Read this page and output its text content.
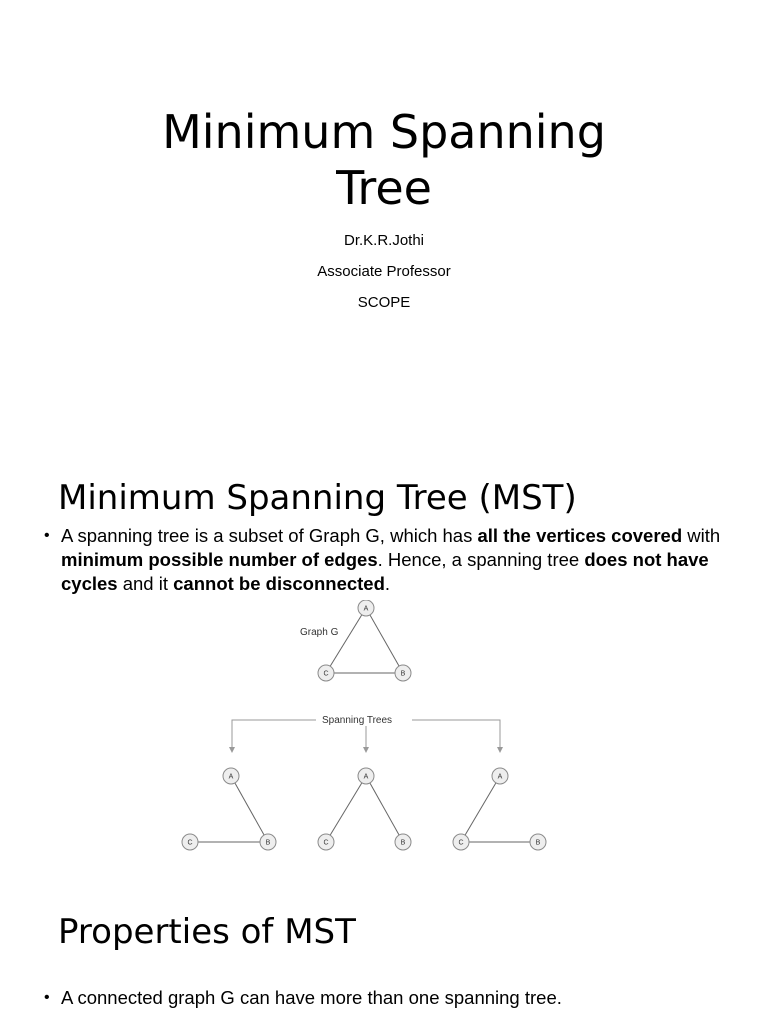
Minimum Spanning
Tree
Dr.K.R.Jothi
Associate Professor
SCOPE
Minimum Spanning Tree (MST)
• A spanning tree is a subset of Graph G, which has all the vertices covered with minimum possible number of edges. Hence, a spanning tree does not have cycles and it cannot be disconnected.
Graph G
A
C	B
Spanning Trees
A
C	B
A
C	B
A
C	B
Properties of MST
• A connected graph G can have more than one spanning tree.
